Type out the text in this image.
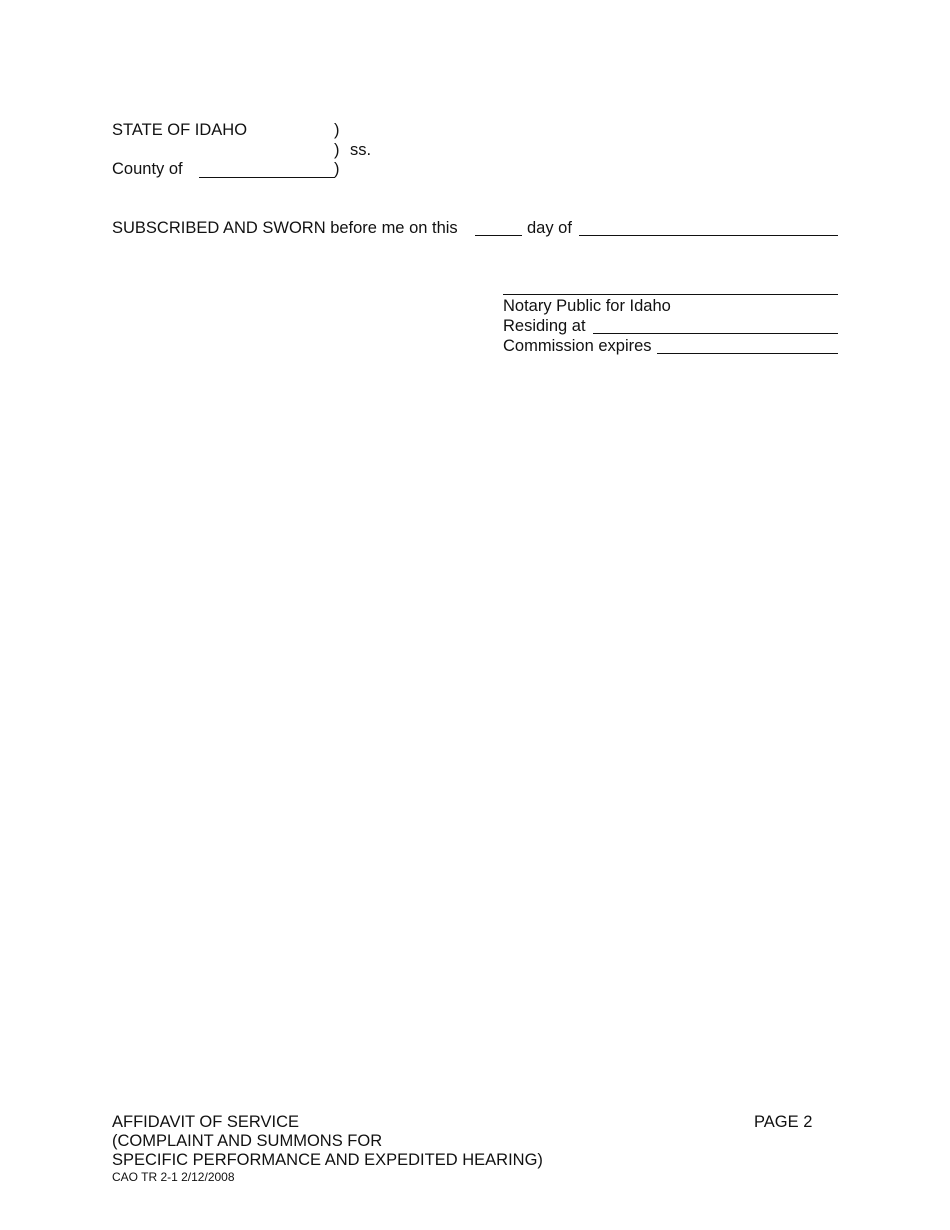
STATE OF IDAHO	)
) ss.
County of	)
SUBSCRIBED AND SWORN before me on this	day of
Notary Public for Idaho
Residing at
Commission expires
AFFIDAVIT OF SERVICE
(COMPLAINT AND SUMMONS FOR
SPECIFIC PERFORMANCE AND EXPEDITED HEARING)
CAO TR 2-1 2/12/2008
PAGE 2
